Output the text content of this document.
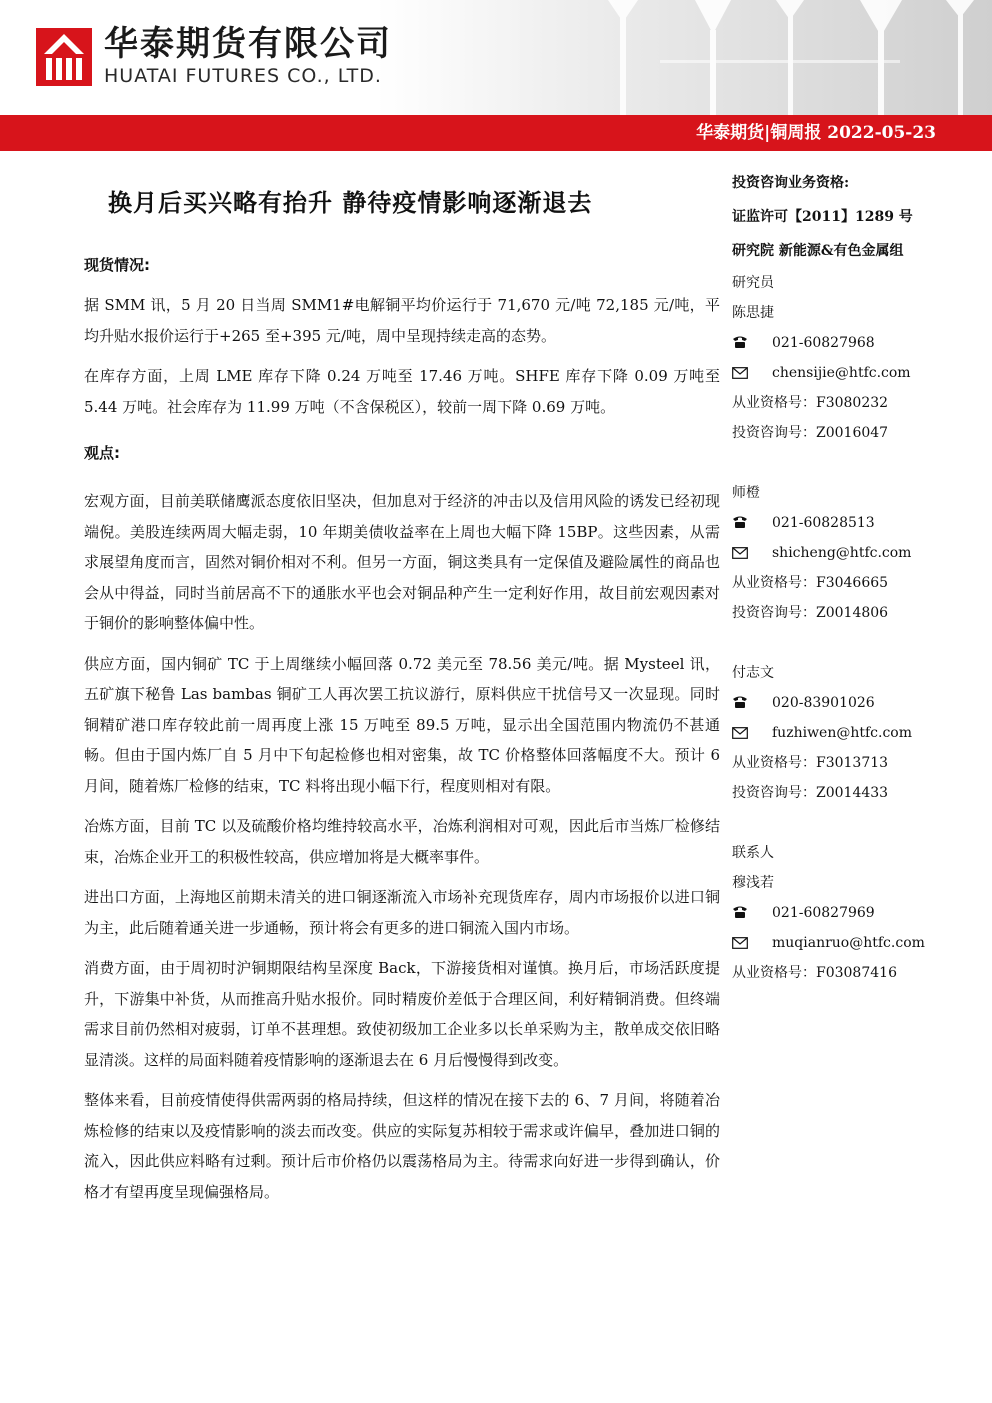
华泰期货有限公司
HUATAI FUTURES CO., LTD.
华泰期货|铜周报 2022-05-23
换月后买兴略有抬升 静待疫情影响逐渐退去
现货情况:

据 SMM 讯，5 月 20 日当周 SMM1#电解铜平均价运行于 71,670 元/吨 72,185 元/吨，平均升贴水报价运行于+265 至+395 元/吨，周中呈现持续走高的态势。

在库存方面，上周 LME 库存下降 0.24 万吨至 17.46 万吨。SHFE 库存下降 0.09 万吨至 5.44 万吨。社会库存为 11.99 万吨（不含保税区），较前一周下降 0.69 万吨。

观点:

宏观方面，目前美联储鹰派态度依旧坚决，但加息对于经济的冲击以及信用风险的诱发已经初现端倪。美股连续两周大幅走弱，10 年期美债收益率在上周也大幅下降 15BP。这些因素，从需求展望角度而言，固然对铜价相对不利。但另一方面，铜这类具有一定保值及避险属性的商品也会从中得益，同时当前居高不下的通胀水平也会对铜品种产生一定利好作用，故目前宏观因素对于铜价的影响整体偏中性。

供应方面，国内铜矿 TC 于上周继续小幅回落 0.72 美元至 78.56 美元/吨。据 Mysteel 讯，五矿旗下秘鲁 Las bambas 铜矿工人再次罢工抗议游行，原料供应干扰信号又一次显现。同时铜精矿港口库存较此前一周再度上涨 15 万吨至 89.5 万吨，显示出全国范围内物流仍不甚通畅。但由于国内炼厂自 5 月中下旬起检修也相对密集，故 TC 价格整体回落幅度不大。预计 6 月间，随着炼厂检修的结束，TC 料将出现小幅下行，程度则相对有限。

冶炼方面，目前 TC 以及硫酸价格均维持较高水平，冶炼利润相对可观，因此后市当炼厂检修结束，冶炼企业开工的积极性较高，供应增加将是大概率事件。

进出口方面，上海地区前期未清关的进口铜逐渐流入市场补充现货库存，周内市场报价以进口铜为主，此后随着通关进一步通畅，预计将会有更多的进口铜流入国内市场。

消费方面，由于周初时沪铜期限结构呈深度 Back，下游接货相对谨慎。换月后，市场活跃度提升，下游集中补货，从而推高升贴水报价。同时精废价差低于合理区间，利好精铜消费。但终端需求目前仍然相对疲弱，订单不甚理想。致使初级加工企业多以长单采购为主，散单成交依旧略显清淡。这样的局面料随着疫情影响的逐渐退去在 6 月后慢慢得到改变。

整体来看，目前疫情使得供需两弱的格局持续，但这样的情况在接下去的 6、7 月间，将随着冶炼检修的结束以及疫情影响的淡去而改变。供应的实际复苏相较于需求或许偏早，叠加进口铜的流入，因此供应料略有过剩。预计后市价格仍以震荡格局为主。待需求向好进一步得到确认，价格才有望再度呈现偏强格局。

投资咨询业务资格:
证监许可【2011】1289 号
研究院 新能源&有色金属组
研究员
陈思捷
021-60827968
chensijie@htfc.com
从业资格号：F3080232
投资咨询号：Z0016047
师橙
021-60828513
shicheng@htfc.com
从业资格号：F3046665
投资咨询号：Z0014806
付志文
020-83901026
fuzhiwen@htfc.com
从业资格号：F3013713
投资咨询号：Z0014433
联系人
穆浅若
021-60827969
muqianruo@htfc.com
从业资格号：F03087416
